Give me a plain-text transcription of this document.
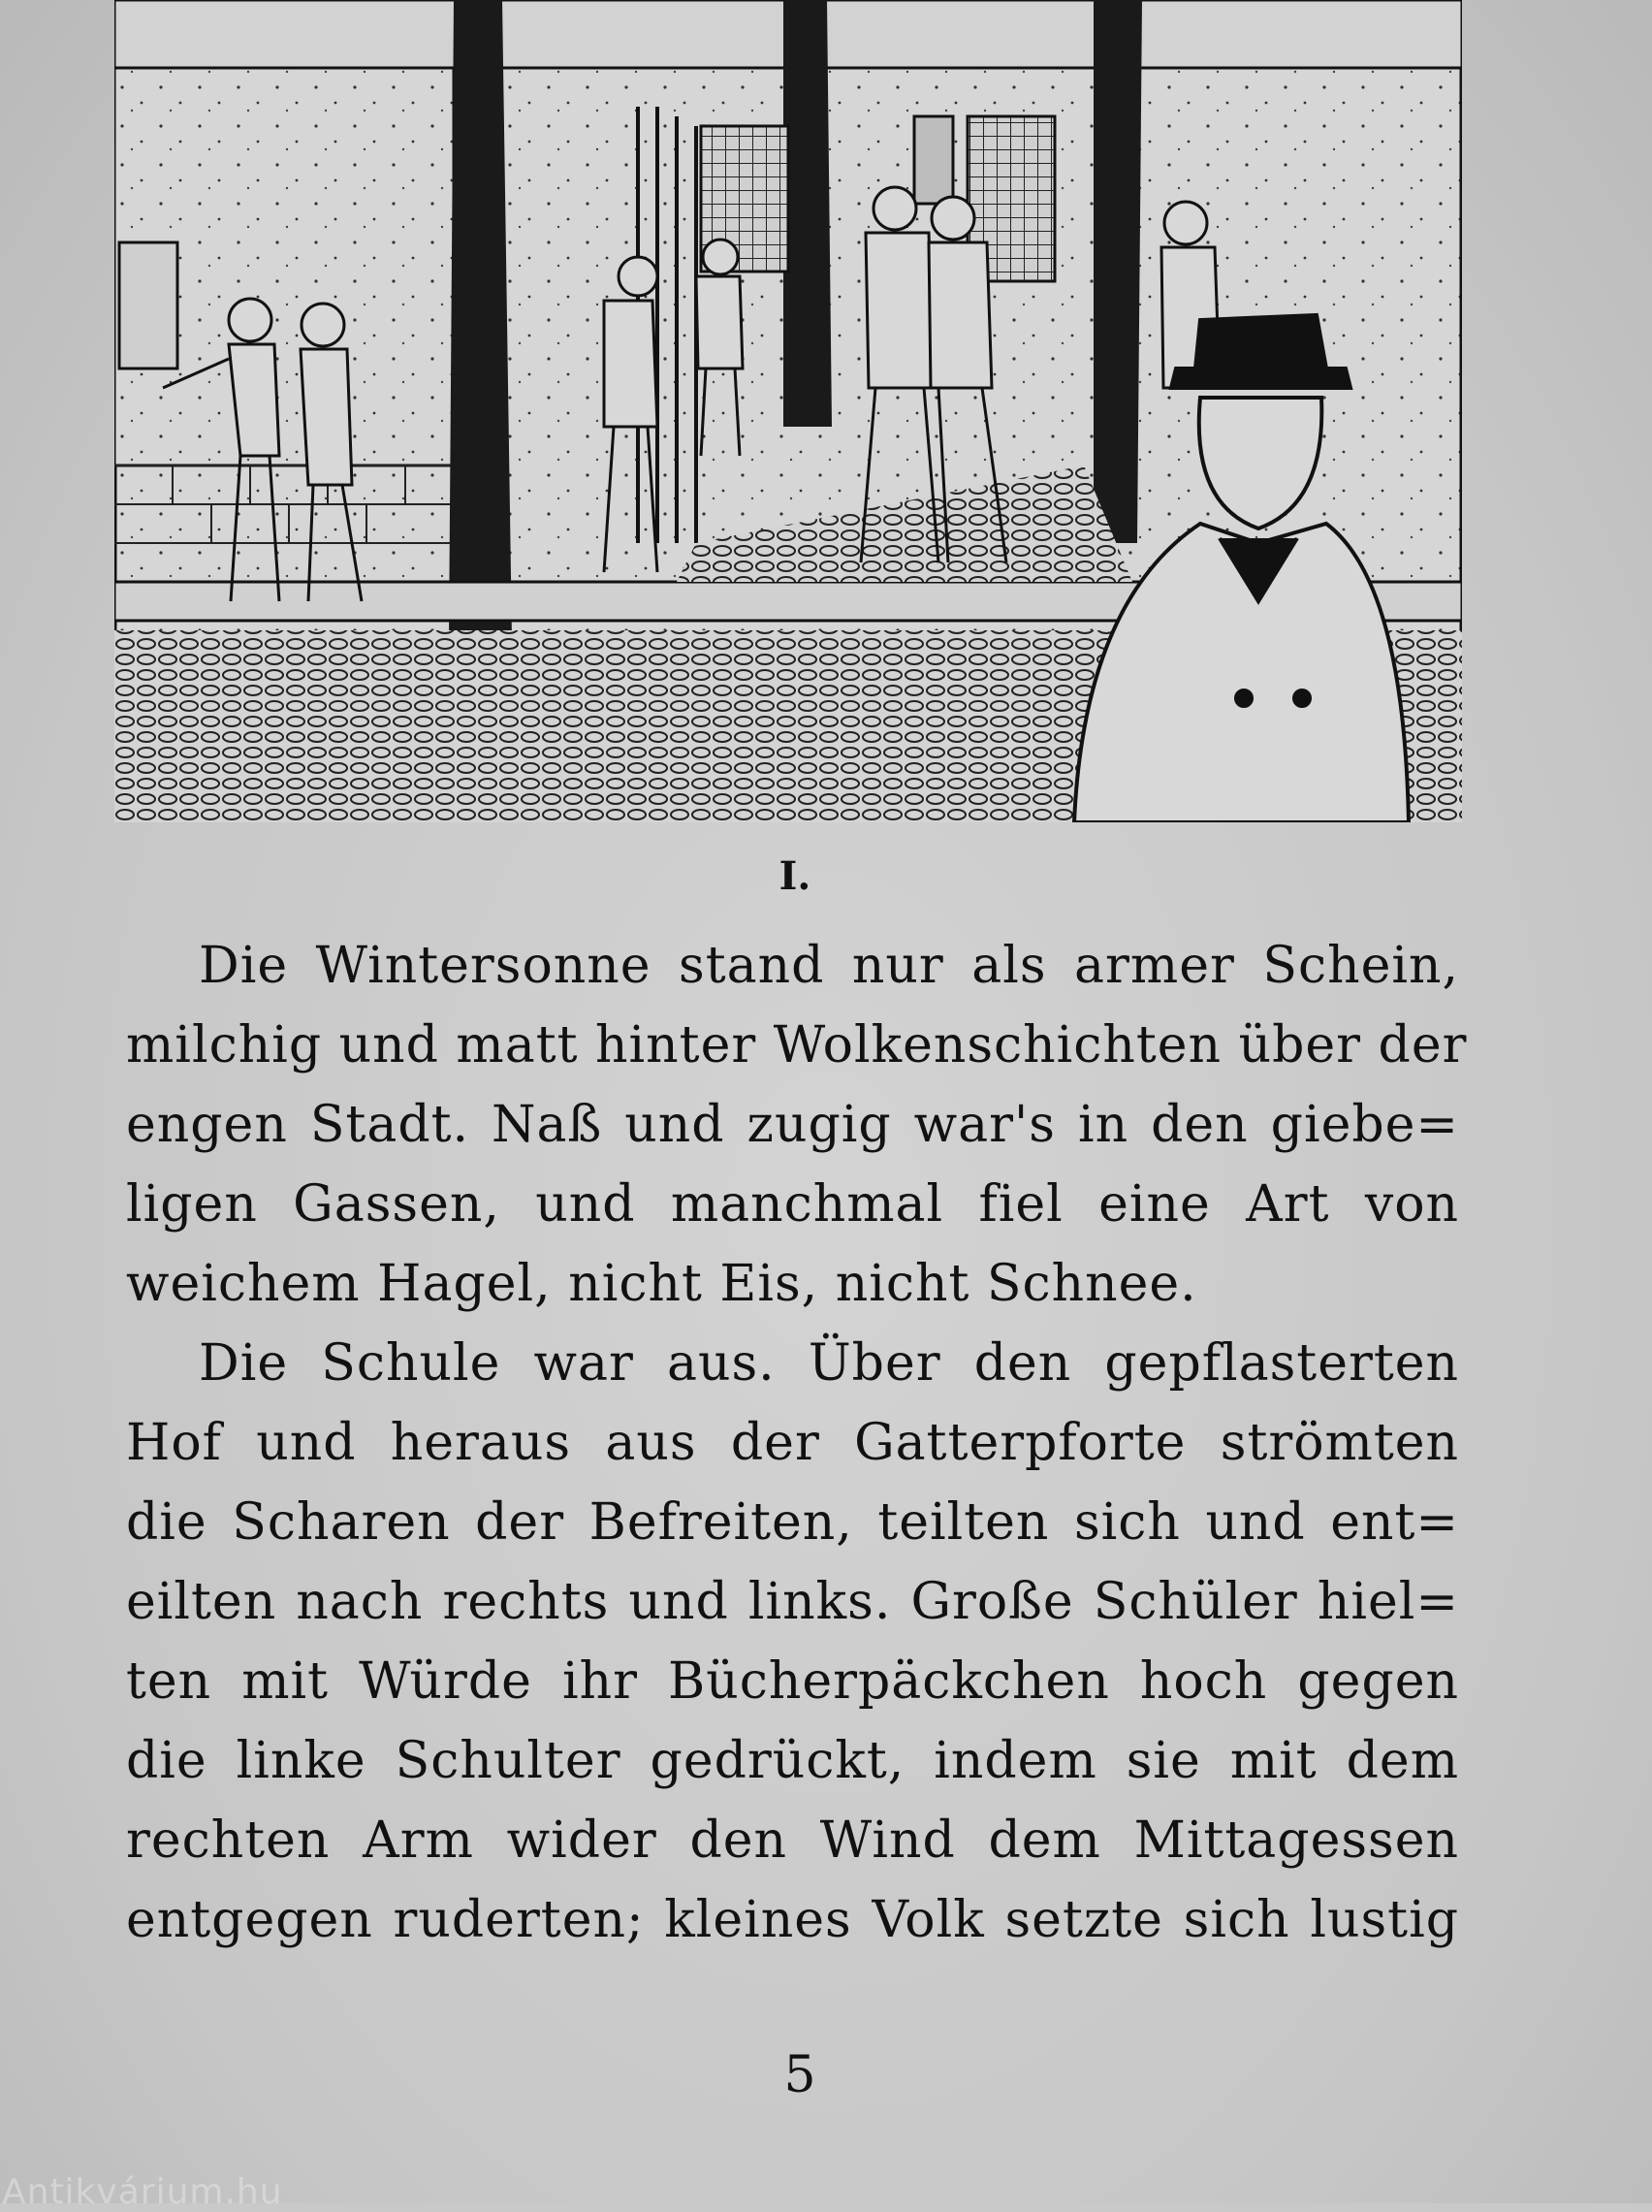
I.
Die Wintersonne stand nur als armer Schein,
milchig und matt hinter Wolkenschichten über der
engen Stadt. Naß und zugig war's in den giebe=
ligen Gassen, und manchmal fiel eine Art von
weichem Hagel, nicht Eis, nicht Schnee.
Die Schule war aus. Über den gepflasterten
Hof und heraus aus der Gatterpforte strömten
die Scharen der Befreiten, teilten sich und ent=
eilten nach rechts und links. Große Schüler hiel=
ten mit Würde ihr Bücherpäckchen hoch gegen
die linke Schulter gedrückt, indem sie mit dem
rechten Arm wider den Wind dem Mittagessen
entgegen ruderten; kleines Volk setzte sich lustig
5
Antikvárium.hu
